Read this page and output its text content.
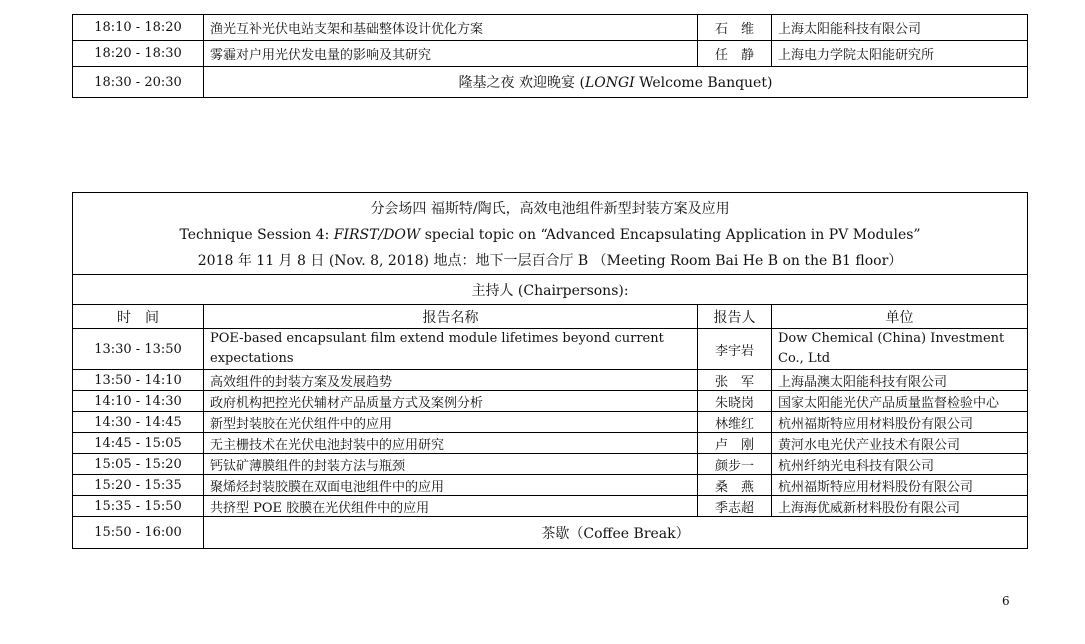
18:10 - 18:20	渔光互补光伏电站支架和基础整体设计优化方案	石　维	上海太阳能科技有限公司
18:20 - 18:30	雾霾对户用光伏发电量的影响及其研究	任　静	上海电力学院太阳能研究所
18:30 - 20:30	隆基之夜 欢迎晚宴 (LONGI Welcome Banquet)		
分会场四 福斯特/陶氏，高效电池组件新型封装方案及应用
Technique Session 4: FIRST/DOW special topic on “Advanced Encapsulating Application in PV Modules”
2018 年 11 月 8 日 (Nov. 8, 2018) 地点：地下一层百合厅 B （Meeting Room Bai He B on the B1 floor）			

主持人 (Chairpersons):			
时　间	报告名称	报告人	单位
13:30 - 13:50	POE-based encapsulant film extend module lifetimes beyond current expectations	李宇岩	Dow Chemical (China) Investment Co., Ltd
13:50 - 14:10	高效组件的封装方案及发展趋势	张　军	上海晶澳太阳能科技有限公司
14:10 - 14:30	政府机构把控光伏辅材产品质量方式及案例分析	朱晓岗	国家太阳能光伏产品质量监督检验中心
14:30 - 14:45	新型封装胶在光伏组件中的应用	林维红	杭州福斯特应用材料股份有限公司
14:45 - 15:05	无主栅技术在光伏电池封装中的应用研究	卢　刚	黄河水电光伏产业技术有限公司
15:05 - 15:20	钙钛矿薄膜组件的封装方法与瓶颈	颜步一	杭州纤纳光电科技有限公司
15:20 - 15:35	聚烯烃封装胶膜在双面电池组件中的应用	桑　燕	杭州福斯特应用材料股份有限公司
15:35 - 15:50	共挤型 POE 胶膜在光伏组件中的应用	季志超	上海海优威新材料股份有限公司
15:50 - 16:00	茶歇（Coffee Break）		
6
